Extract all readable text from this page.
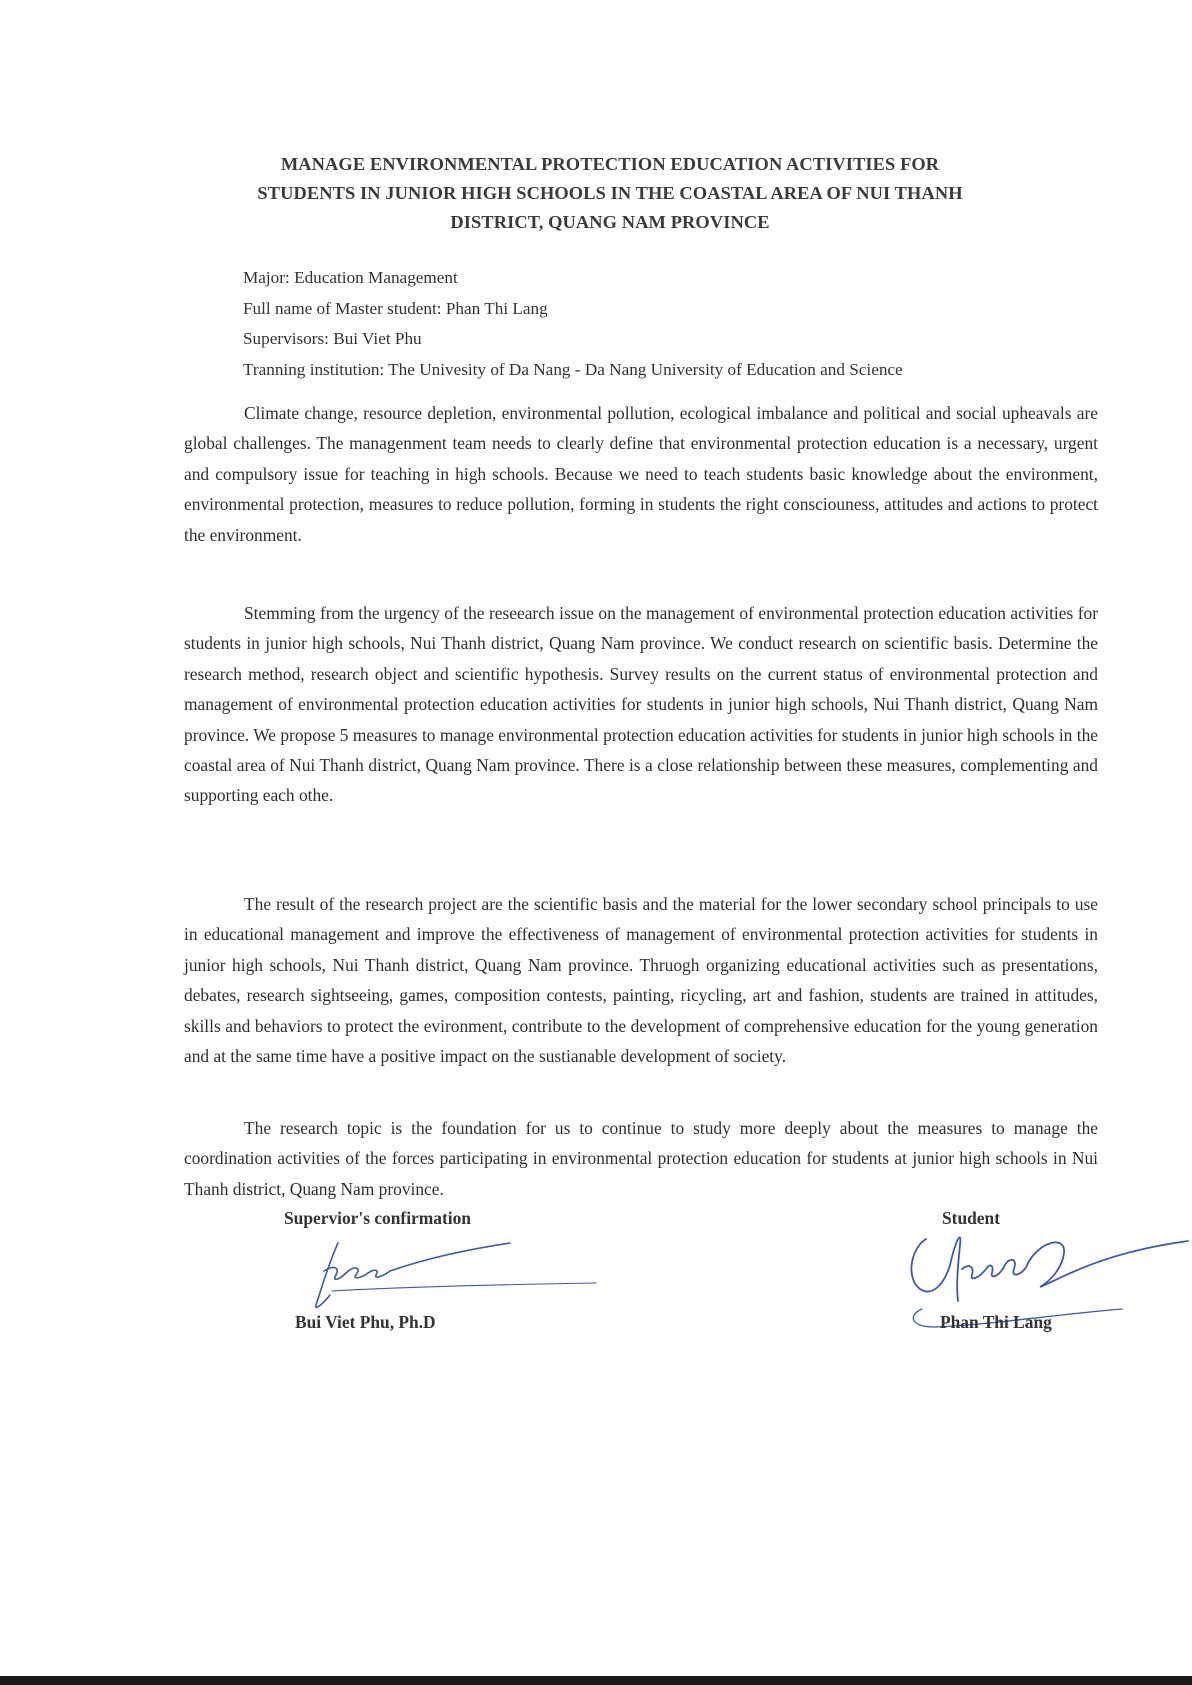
MANAGE ENVIRONMENTAL PROTECTION EDUCATION ACTIVITIES FOR
STUDENTS IN JUNIOR HIGH SCHOOLS IN THE COASTAL AREA OF NUI THANH
DISTRICT, QUANG NAM PROVINCE
Major: Education Management
Full name of Master student: Phan Thi Lang
Supervisors: Bui Viet Phu
Tranning institution: The Univesity of Da Nang - Da Nang University of Education and Science

Climate change, resource depletion, environmental pollution, ecological imbalance and political and social upheavals are global challenges. The managenment team needs to clearly define that environmental protection education is a necessary, urgent and compulsory issue for teaching in high schools. Because we need to teach students basic knowledge about the environment, environmental protection, measures to reduce pollution, forming in students the right consciouness, attitudes and actions to protect the environment.

Stemming from the urgency of the reseearch issue on the management of environmental protection education activities for students in junior high schools, Nui Thanh district, Quang Nam province. We conduct research on scientific basis. Determine the research method, research object and scientific hypothesis. Survey results on the current status of environmental protection and management of environmental protection education activities for students in junior high schools, Nui Thanh district, Quang Nam province. We propose 5 measures to manage environmental protection education activities for students in junior high schools in the coastal area of Nui Thanh district, Quang Nam province. There is a close relationship between these measures, complementing and supporting each othe.

The result of the research project are the scientific basis and the material for the lower secondary school principals to use in educational management and improve the effectiveness of management of environmental protection activities for students in junior high schools, Nui Thanh district, Quang Nam province. Thruogh organizing educational activities such as presentations, debates, research sightseeing, games, composition contests, painting, ricycling, art and fashion, students are trained in attitudes, skills and behaviors to protect the evironment, contribute to the development of comprehensive education for the young generation and at the same time have a positive impact on the sustianable development of society.

The research topic is the foundation for us to continue to study more deeply about the measures to manage the coordination activities of the forces participating in environmental protection education for students at junior high schools in Nui Thanh district, Quang Nam province.

Supervior's confirmation
Bui Viet Phu, Ph.D
Student
Phan Thi Lang
